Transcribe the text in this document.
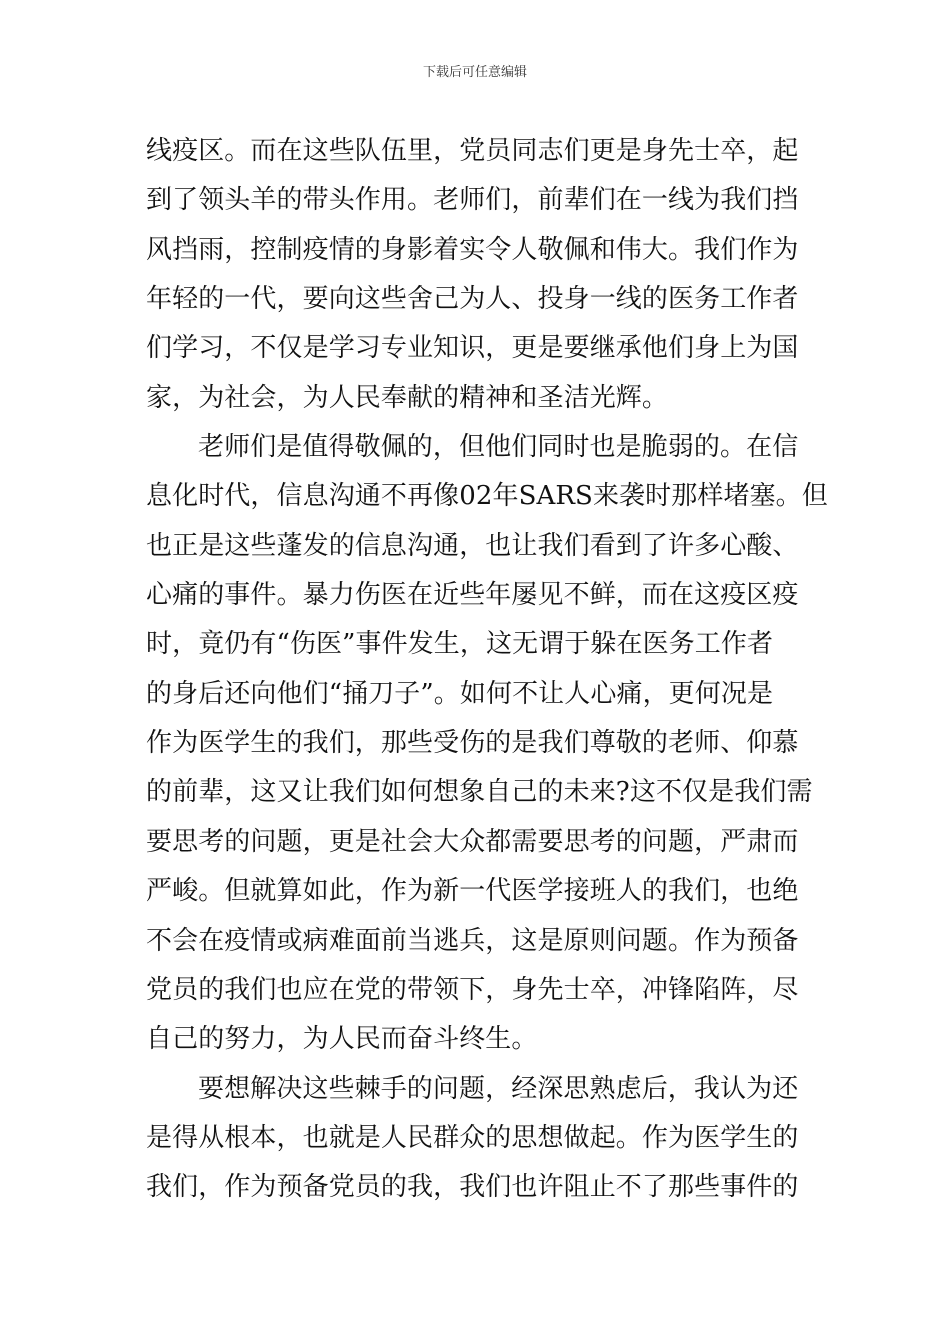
下载后可任意编辑
线疫区。而在这些队伍里，党员同志们更是身先士卒，起
到了领头羊的带头作用。老师们，前辈们在一线为我们挡
风挡雨，控制疫情的身影着实令人敬佩和伟大。我们作为
年轻的一代，要向这些舍己为人、投身一线的医务工作者
们学习，不仅是学习专业知识，更是要继承他们身上为国
家，为社会，为人民奉献的精神和圣洁光辉。
老师们是值得敬佩的，但他们同时也是脆弱的。在信
息化时代，信息沟通不再像02年SARS来袭时那样堵塞。但
也正是这些蓬发的信息沟通，也让我们看到了许多心酸、
心痛的事件。暴力伤医在近些年屡见不鲜，而在这疫区疫
时，竟仍有“伤医”事件发生，这无谓于躲在医务工作者
的身后还向他们“捅刀子”。如何不让人心痛，更何况是
作为医学生的我们，那些受伤的是我们尊敬的老师、仰慕
的前辈，这又让我们如何想象自己的未来?这不仅是我们需
要思考的问题，更是社会大众都需要思考的问题，严肃而
严峻。但就算如此，作为新一代医学接班人的我们，也绝
不会在疫情或病难面前当逃兵，这是原则问题。作为预备
党员的我们也应在党的带领下，身先士卒，冲锋陷阵，尽
自己的努力，为人民而奋斗终生。
要想解决这些棘手的问题，经深思熟虑后，我认为还
是得从根本，也就是人民群众的思想做起。作为医学生的
我们，作为预备党员的我，我们也许阻止不了那些事件的
